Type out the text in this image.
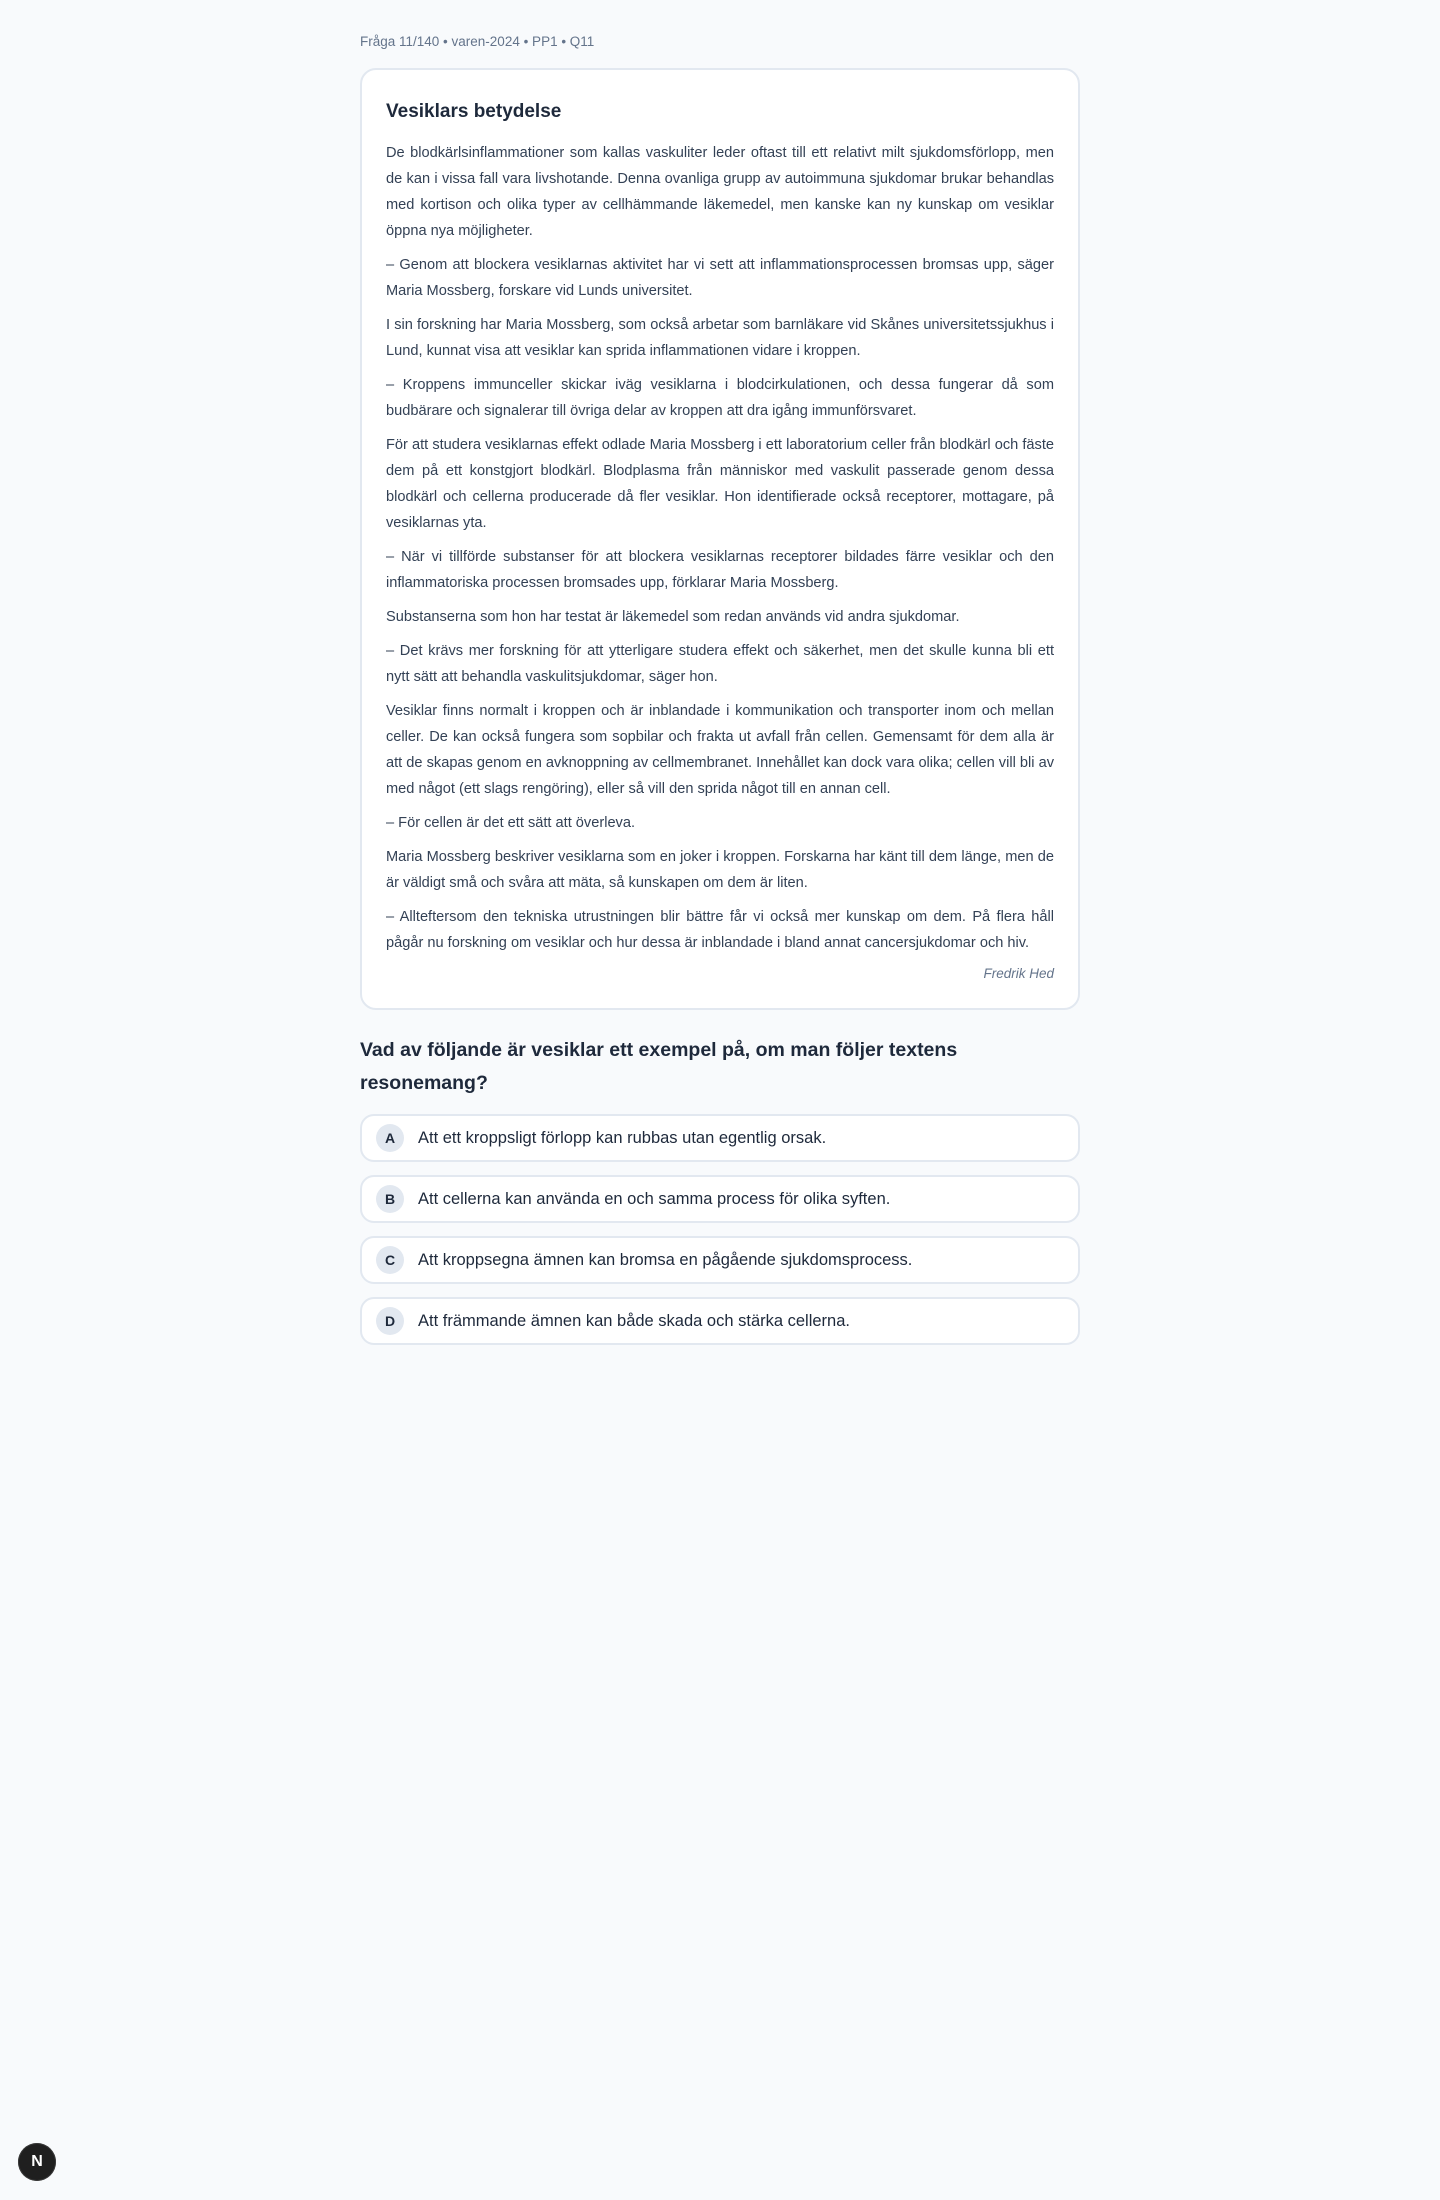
Fråga 11/140 • varen-2024 • PP1 • Q11
Vesiklars betydelse

De blodkärlsinflammationer som kallas vaskuliter leder oftast till ett relativt milt sjukdomsförlopp, men de kan i vissa fall vara livshotande. Denna ovanliga grupp av autoimmuna sjukdomar brukar behandlas med kortison och olika typer av cellhämmande läkemedel, men kanske kan ny kunskap om vesiklar öppna nya möjligheter.

– Genom att blockera vesiklarnas aktivitet har vi sett att inflammationsprocessen bromsas upp, säger Maria Mossberg, forskare vid Lunds universitet.

I sin forskning har Maria Mossberg, som också arbetar som barnläkare vid Skånes universitetssjukhus i Lund, kunnat visa att vesiklar kan sprida inflammationen vidare i kroppen.

– Kroppens immunceller skickar iväg vesiklarna i blodcirkulationen, och dessa fungerar då som budbärare och signalerar till övriga delar av kroppen att dra igång immunförsvaret.

För att studera vesiklarnas effekt odlade Maria Mossberg i ett laboratorium celler från blodkärl och fäste dem på ett konstgjort blodkärl. Blodplasma från människor med vaskulit passerade genom dessa blodkärl och cellerna producerade då fler vesiklar. Hon identifierade också receptorer, mottagare, på vesiklarnas yta.

– När vi tillförde substanser för att blockera vesiklarnas receptorer bildades färre vesiklar och den inflammatoriska processen bromsades upp, förklarar Maria Mossberg.

Substanserna som hon har testat är läkemedel som redan används vid andra sjukdomar.

– Det krävs mer forskning för att ytterligare studera effekt och säkerhet, men det skulle kunna bli ett nytt sätt att behandla vaskulitsjukdomar, säger hon.

Vesiklar finns normalt i kroppen och är inblandade i kommunikation och transporter inom och mellan celler. De kan också fungera som sopbilar och frakta ut avfall från cellen. Gemensamt för dem alla är att de skapas genom en avknoppning av cellmembranet. Innehållet kan dock vara olika; cellen vill bli av med något (ett slags rengöring), eller så vill den sprida något till en annan cell.

– För cellen är det ett sätt att överleva.

Maria Mossberg beskriver vesiklarna som en joker i kroppen. Forskarna har känt till dem länge, men de är väldigt små och svåra att mäta, så kunskapen om dem är liten.

– Allteftersom den tekniska utrustningen blir bättre får vi också mer kunskap om dem. På flera håll pågår nu forskning om vesiklar och hur dessa är inblandade i bland annat cancersjukdomar och hiv.

Fredrik Hed
Vad av följande är vesiklar ett exempel på, om man följer textens resonemang?
A	Att ett kroppsligt förlopp kan rubbas utan egentlig orsak.
B	Att cellerna kan använda en och samma process för olika syften.
C	Att kroppsegna ämnen kan bromsa en pågående sjukdomsprocess.
D	Att främmande ämnen kan både skada och stärka cellerna.
N
